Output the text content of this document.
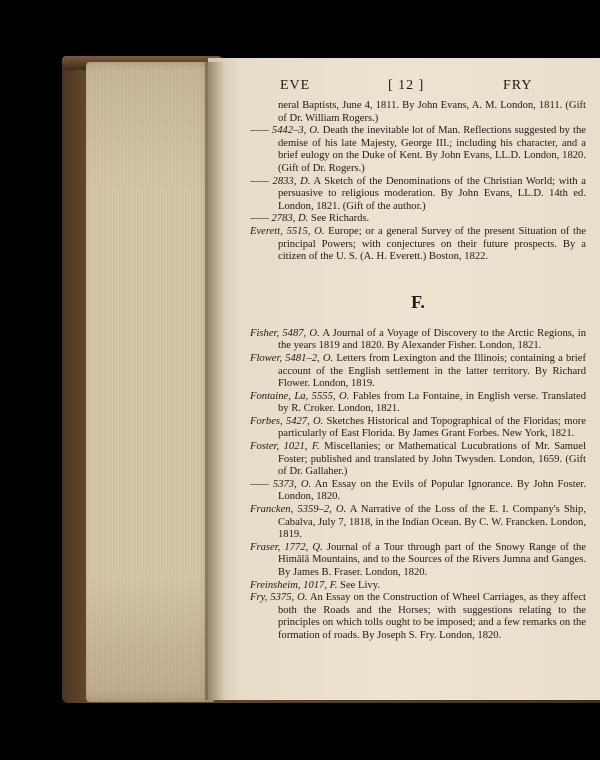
EVE	[ 12 ]	FRY

neral Baptists, June 4, 1811. By John Evans, A. M. London, 1811. (Gift of Dr. William Rogers.)

—— 5442–3, O. Death the inevitable lot of Man. Reflections suggested by the demise of his late Majesty, George III.; including his character, and a brief eulogy on the Duke of Kent. By John Evans, LL.D. London, 1820. (Gift of Dr. Rogers.)

—— 2833, D. A Sketch of the Denominations of the Christian World; with a persuasive to religious moderation. By John Evans, LL.D. 14th ed. London, 1821. (Gift of the author.)

—— 2783, D. See Richards.

Everett, 5515, O. Europe; or a general Survey of the present Situation of the principal Powers; with conjectures on their future prospects. By a citizen of the U. S. (A. H. Everett.) Boston, 1822.

F.

Fisher, 5487, O. A Journal of a Voyage of Discovery to the Arctic Regions, in the years 1819 and 1820. By Alexander Fisher. London, 1821.

Flower, 5481–2, O. Letters from Lexington and the Illinois; containing a brief account of the English settlement in the latter territory. By Richard Flower. London, 1819.

Fontaine, La, 5555, O. Fables from La Fontaine, in English verse. Translated by R. Croker. London, 1821.

Forbes, 5427, O. Sketches Historical and Topographical of the Floridas; more particularly of East Florida. By James Grant Forbes. New York, 1821.

Foster, 1021, F. Miscellanies; or Mathematical Lucubrations of Mr. Samuel Foster; published and translated by John Twysden. London, 1659. (Gift of Dr. Gallaher.)

—— 5373, O. An Essay on the Evils of Popular Ignorance. By John Foster. London, 1820.

Francken, 5359–2, O. A Narrative of the Loss of the E. I. Company's Ship, Cabalva, July 7, 1818, in the Indian Ocean. By C. W. Francken. London, 1819.

Fraser, 1772, Q. Journal of a Tour through part of the Snowy Range of the Himālā Mountains, and to the Sources of the Rivers Jumna and Ganges. By James B. Fraser. London, 1820.

Freinsheim, 1017, F. See Livy.

Fry, 5375, O. An Essay on the Construction of Wheel Carriages, as they affect both the Roads and the Horses; with suggestions relating to the principles on which tolls ought to be imposed; and a few remarks on the formation of roads. By Joseph S. Fry. London, 1820.
